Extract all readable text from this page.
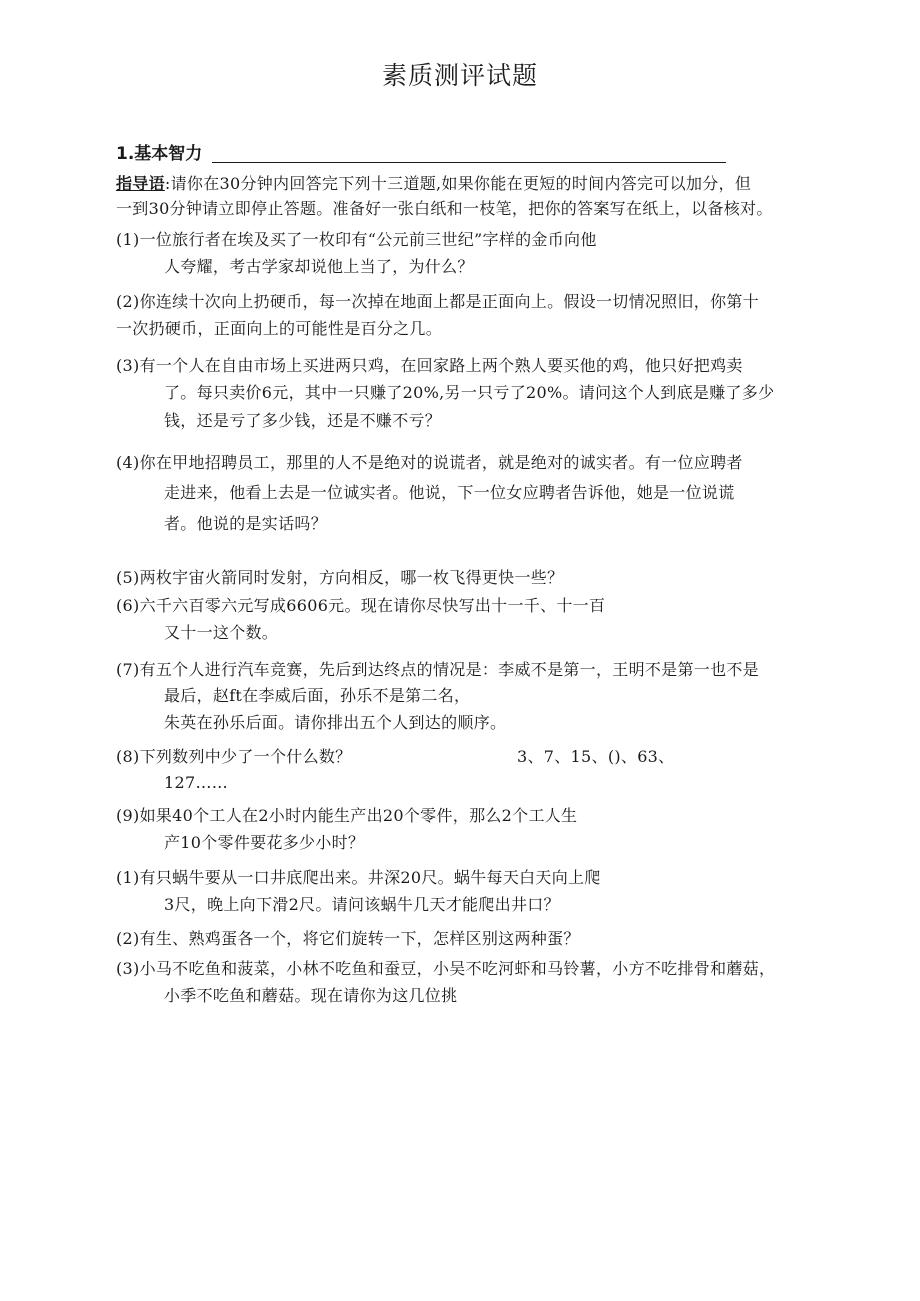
素质测评试题
1.基本智力
指导语:请你在30分钟内回答完下列十三道题,如果你能在更短的时间内答完可以加分，但
一到30分钟请立即停止答题。准备好一张白纸和一枝笔，把你的答案写在纸上，以备核对。
(1)一位旅行者在埃及买了一枚印有“公元前三世纪”字样的金币向他
人夸耀，考古学家却说他上当了，为什么？
(2)你连续十次向上扔硬币，每一次掉在地面上都是正面向上。假设一切情况照旧，你第十
一次扔硬币，正面向上的可能性是百分之几。
(3)有一个人在自由市场上买进两只鸡，在回家路上两个熟人要买他的鸡，他只好把鸡卖
了。每只卖价6元，其中一只赚了20%,另一只亏了20%。请问这个人到底是赚了多少
钱，还是亏了多少钱，还是不赚不亏？
(4)你在甲地招聘员工，那里的人不是绝对的说谎者，就是绝对的诚实者。有一位应聘者
走进来，他看上去是一位诚实者。他说，下一位女应聘者告诉他，她是一位说谎
者。他说的是实话吗？
(5)两枚宇宙火箭同时发射，方向相反，哪一枚飞得更快一些？
(6)六千六百零六元写成6606元。现在请你尽快写出十一千、十一百
又十一这个数。
(7)有五个人进行汽车竞赛，先后到达终点的情况是：李威不是第一，王明不是第一也不是
最后，赵ft在李威后面，孙乐不是第二名，
朱英在孙乐后面。请你排出五个人到达的顺序。
(8)下列数列中少了一个什么数？	3、7、15、()、63、
127……
(9)如果40个工人在2小时内能生产出20个零件，那么2个工人生
产10个零件要花多少小时？
(1)有只蜗牛要从一口井底爬出来。井深20尺。蜗牛每天白天向上爬
3尺，晚上向下滑2尺。请问该蜗牛几天才能爬出井口？
(2)有生、熟鸡蛋各一个，将它们旋转一下，怎样区别这两种蛋？
(3)小马不吃鱼和菠菜，小林不吃鱼和蚕豆，小吴不吃河虾和马铃薯，小方不吃排骨和蘑菇，
小季不吃鱼和蘑菇。现在请你为这几位挑
